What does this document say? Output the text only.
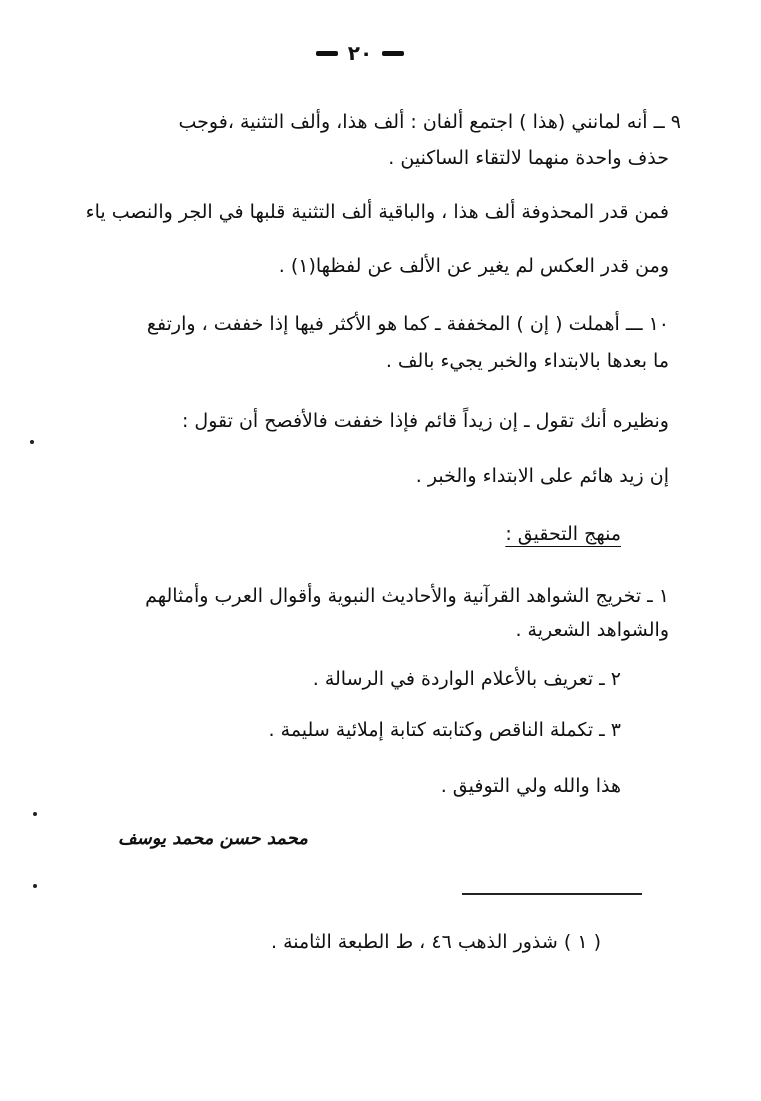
٢٠
٩ ــ أنه لمانني (هذا ) اجتمع ألفان : ألف هذا، وألف التثنية ،فوجب
حذف واحدة منهما لالتقاء الساكنين .
فمن قدر المحذوفة ألف هذا ، والباقية ألف التثنية قلبها في الجر والنصب ياء
ومن قدر العكس لم يغير عن الألف عن لفظها(١) .
١٠ ـــ أهملت ( إن ) المخففة ـ كما هو الأكثر فيها إذا خففت ، وارتفع
ما بعدها بالابتداء والخبر يجيء بالف .
ونظيره أنك تقول ـ إن زيداً قائم فإذا خففت فالأفصح أن تقول :
إن زيد هائم على الابتداء والخبر .
منهج التحقيق :
١ ـ تخريج الشواهد القرآنية والأحاديث النبوية وأقوال العرب وأمثالهم
والشواهد الشعرية .
٢ ـ تعريف بالأعلام الواردة في الرسالة .
٣ ـ تكملة الناقص وكتابته كتابة إملائية سليمة .
هذا والله ولي التوفيق .
محمد حسن محمد يوسف
( ١ ) شذور الذهب ٤٦ ، ط الطبعة الثامنة .
